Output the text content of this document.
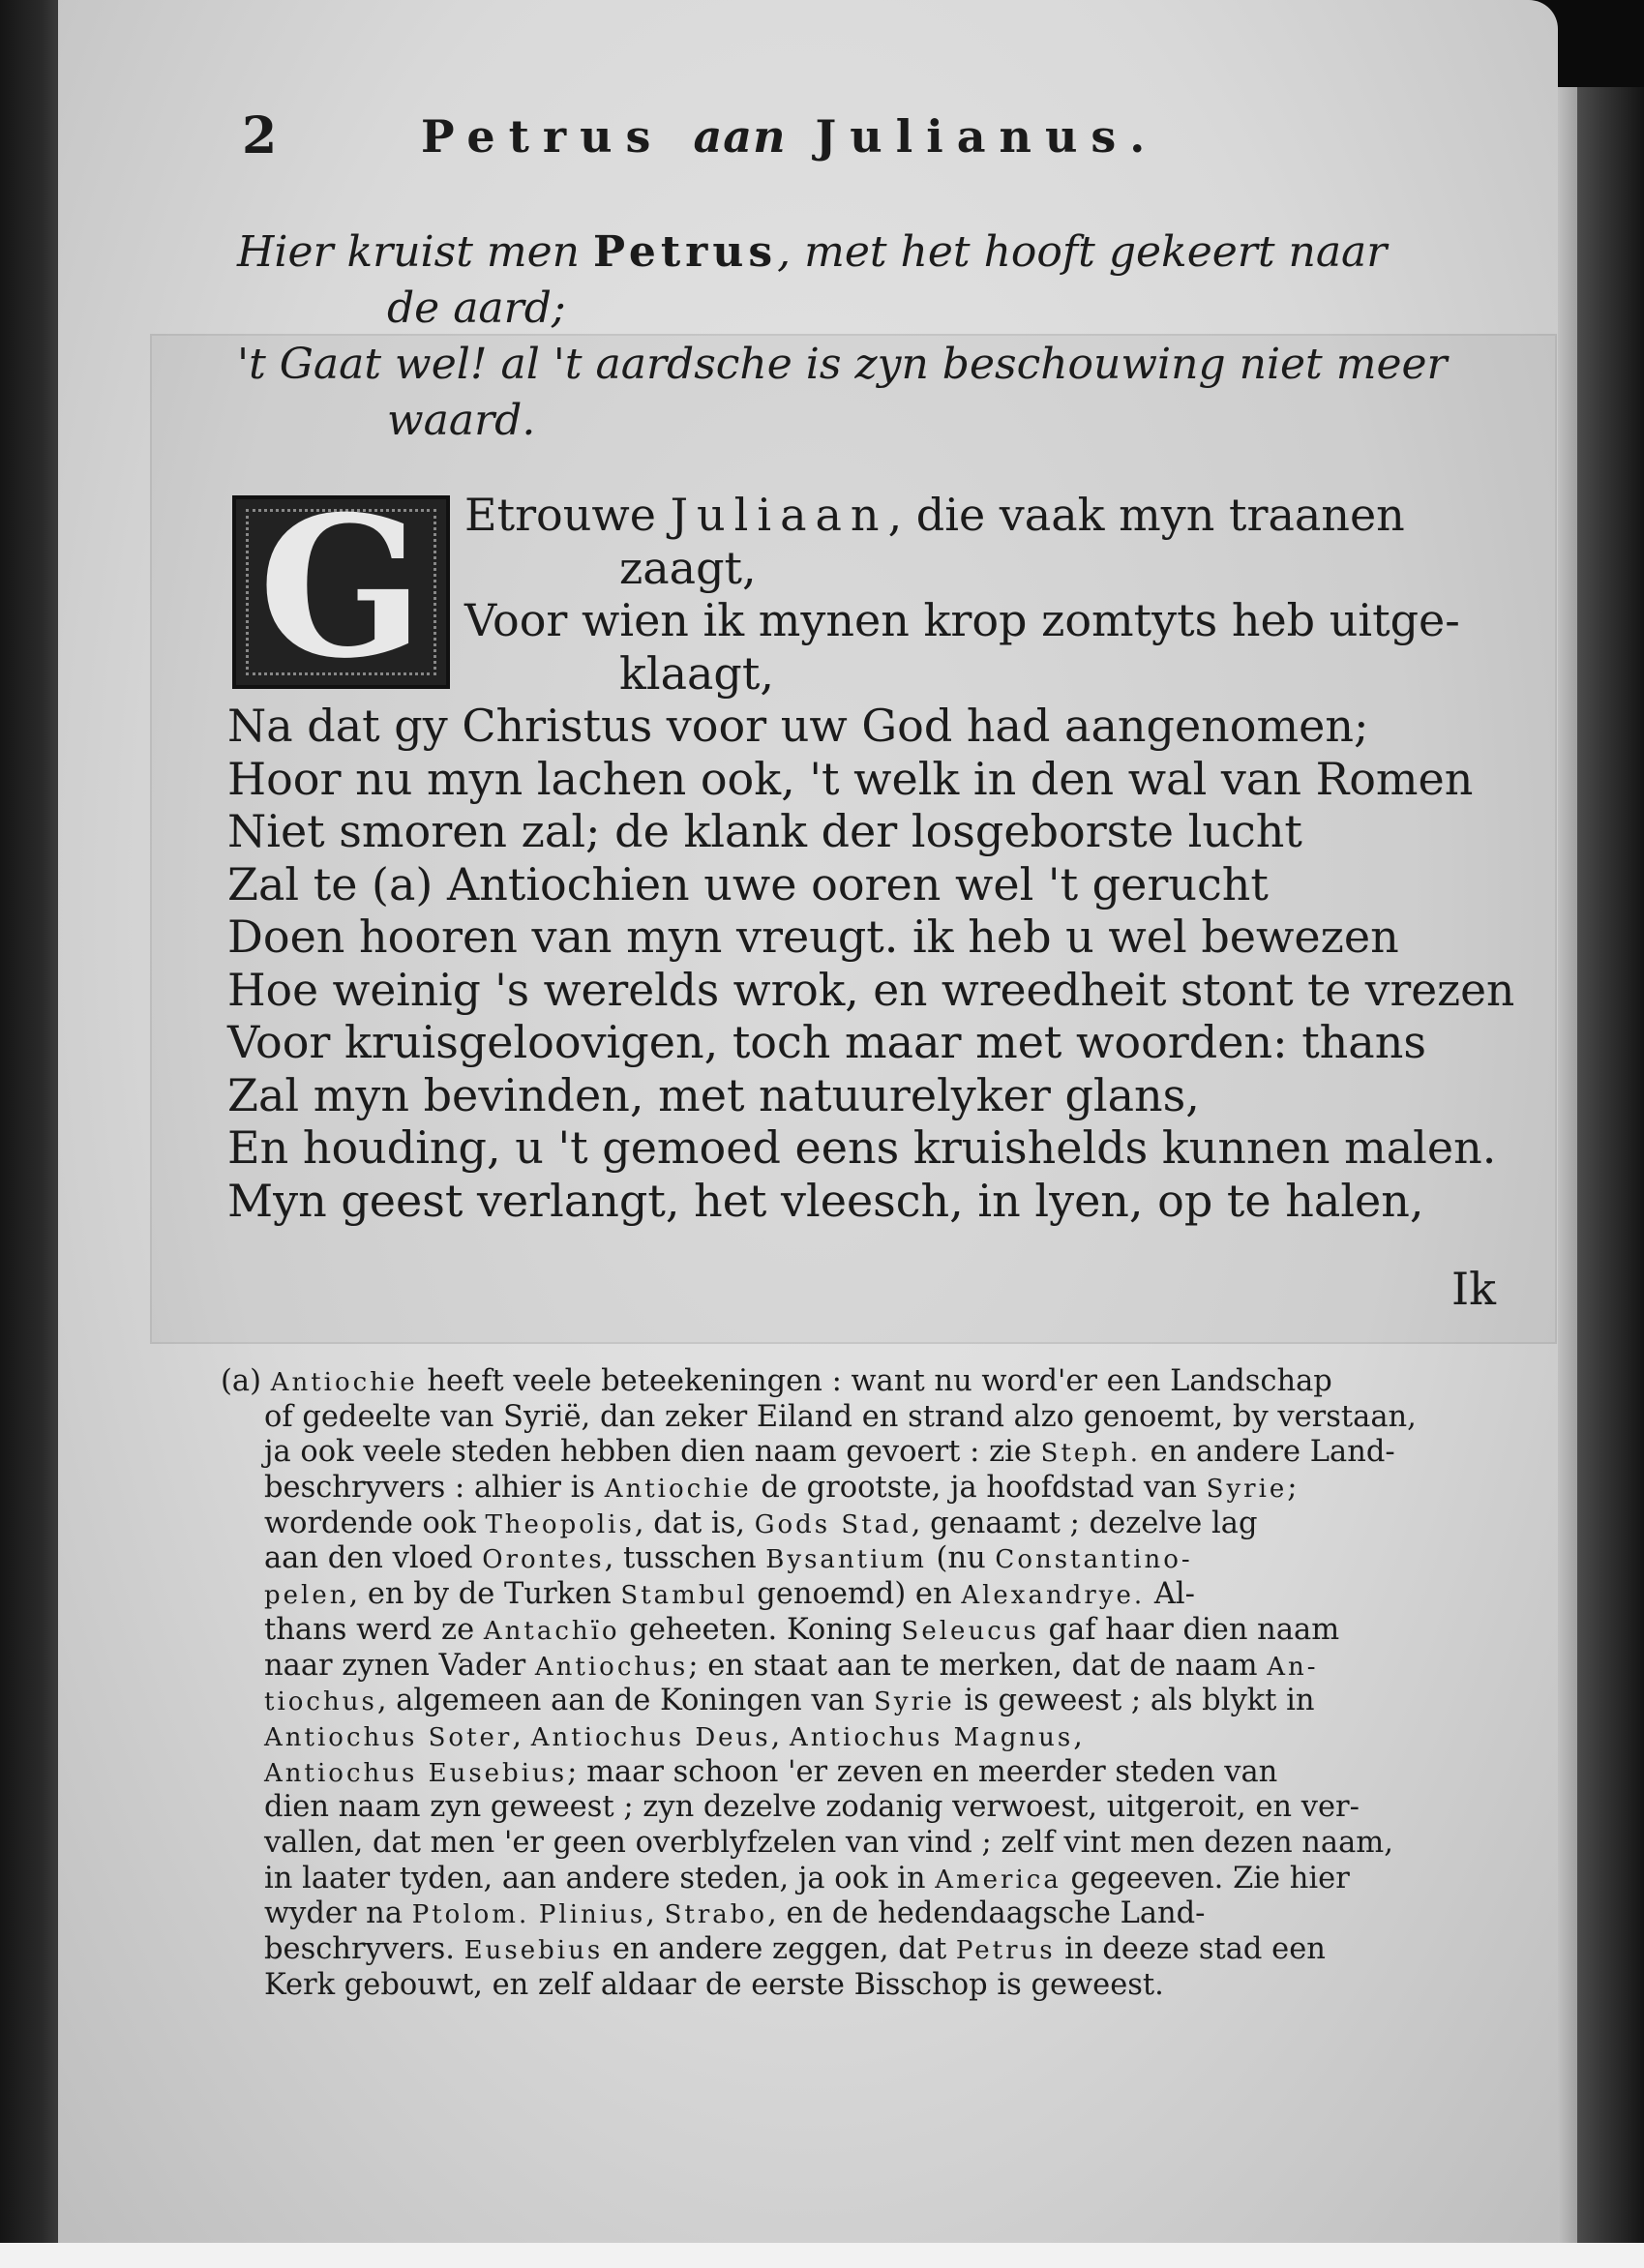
2	Petrus aan Julianus.
Hier kruist men Petrus, met het hooft gekeert naar
de aard;
't Gaat wel! al 't aardsche is zyn beschouwing niet meer
waard.
G Etrouwe Juliaan, die vaak myn traanen
zaagt,
Voor wien ik mynen krop zomtyts heb uitge-
klaagt,
Na dat gy Christus voor uw God had aangenomen;
Hoor nu myn lachen ook, 't welk in den wal van Romen
Niet smoren zal; de klank der losgeborste lucht
Zal te (a) Antiochien uwe ooren wel 't gerucht
Doen hooren van myn vreugt. ik heb u wel bewezen
Hoe weinig 's werelds wrok, en wreedheit stont te vrezen
Voor kruisgeloovigen, toch maar met woorden: thans
Zal myn bevinden, met natuurelyker glans,
En houding, u 't gemoed eens kruishelds kunnen malen.
Myn geest verlangt, het vleesch, in lyen, op te halen,
Ik
(a) Antiochie heeft veele beteekeningen : want nu word'er een Landschap
of gedeelte van Syrië, dan zeker Eiland en strand alzo genoemt, by verstaan,
ja ook veele steden hebben dien naam gevoert : zie Steph. en andere Land-
beschryvers : alhier is Antiochie de grootste, ja hoofdstad van Syrie;
wordende ook Theopolis, dat is, Gods Stad, genaamt ; dezelve lag
aan den vloed Orontes, tusschen Bysantium (nu Constantino-
pelen, en by de Turken Stambul genoemd) en Alexandrye. Al-
thans werd ze Antachïo geheeten. Koning Seleucus gaf haar dien naam
naar zynen Vader Antiochus; en staat aan te merken, dat de naam An-
tiochus, algemeen aan de Koningen van Syrie is geweest ; als blykt in
Antiochus Soter, Antiochus Deus, Antiochus Magnus,
Antiochus Eusebius; maar schoon 'er zeven en meerder steden van
dien naam zyn geweest ; zyn dezelve zodanig verwoest, uitgeroit, en ver-
vallen, dat men 'er geen overblyfzelen van vind ; zelf vint men dezen naam,
in laater tyden, aan andere steden, ja ook in America gegeeven. Zie hier
wyder na Ptolom. Plinius, Strabo, en de hedendaagsche Land-
beschryvers. Eusebius en andere zeggen, dat Petrus in deeze stad een
Kerk gebouwt, en zelf aldaar de eerste Bisschop is geweest.
